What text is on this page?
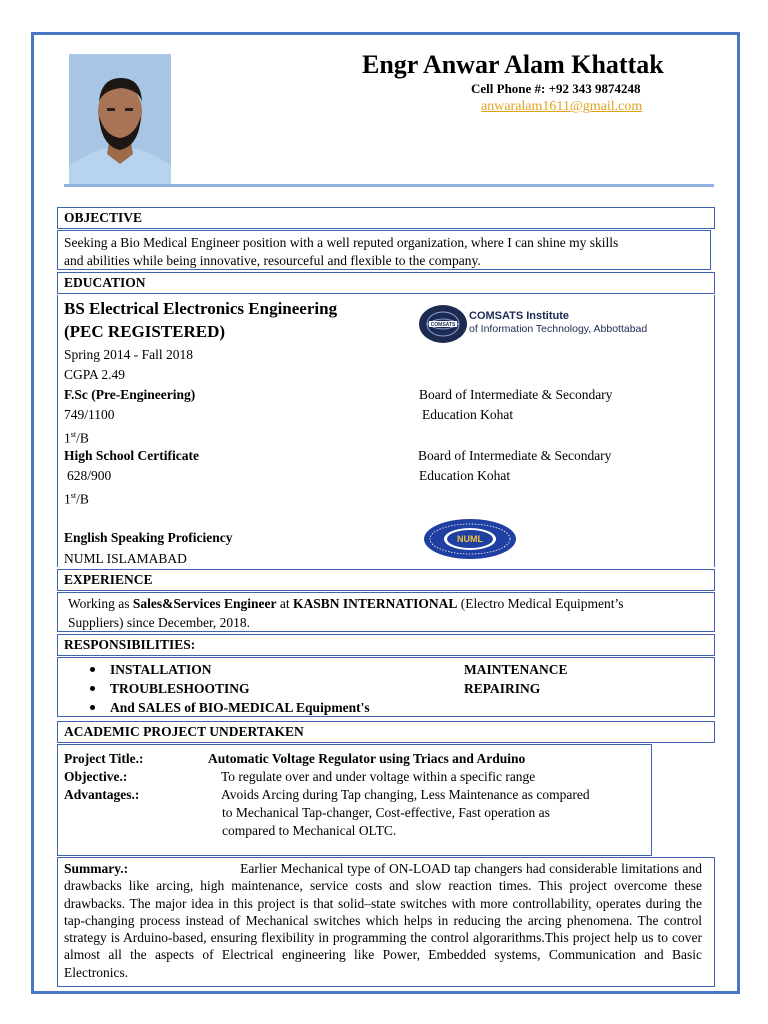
Engr Anwar Alam Khattak
Cell Phone #: +92 343 9874248
anwaralam1611@gmail.com
OBJECTIVE
Seeking a Bio Medical Engineer position with a well reputed organization, where I can shine my skills
and abilities while being innovative, resourceful and flexible to the company.
EDUCATION
BS Electrical Electronics Engineering
(PEC REGISTERED)
Spring 2014 - Fall 2018
CGPA 2.49
COMSATS
COMSATS Institute
of Information Technology, Abbottabad
F.Sc (Pre-Engineering)
749/1100
1st/B
Board of Intermediate & Secondary
Education Kohat
High School Certificate
628/900
1st/B
Board of Intermediate & Secondary
Education Kohat
English Speaking Proficiency
NUML ISLAMABAD
NUML
EXPERIENCE
Working as Sales&Services Engineer at KASBN INTERNATIONAL (Electro Medical Equipment’s
Suppliers) since December, 2018.
RESPONSIBILITIES:
INSTALLATION
TROUBLESHOOTING
And SALES of BIO-MEDICAL Equipment's
MAINTENANCE
REPAIRING
ACADEMIC PROJECT UNDERTAKEN
Project Title.:	Automatic Voltage Regulator using Triacs and Arduino
Objective.:	To regulate over and under voltage within a specific range
Advantages.:	Avoids Arcing during Tap changing, Less Maintenance as compared
to Mechanical Tap-changer, Cost-effective, Fast operation as
compared to Mechanical OLTC.
Summary.:	Earlier Mechanical type of ON-LOAD tap changers had considerable limitations and drawbacks like arcing, high maintenance, service costs and slow reaction times. This project overcome these drawbacks. The major idea in this project is that solid–state switches with more controllability, operates during the tap-changing process instead of Mechanical switches which helps in reducing the arcing phenomena. The control strategy is Arduino-based, ensuring flexibility in programming the control algorarithms.This project help us to cover almost all the aspects of Electrical engineering like Power, Embedded systems, Communication and Basic Electronics.
